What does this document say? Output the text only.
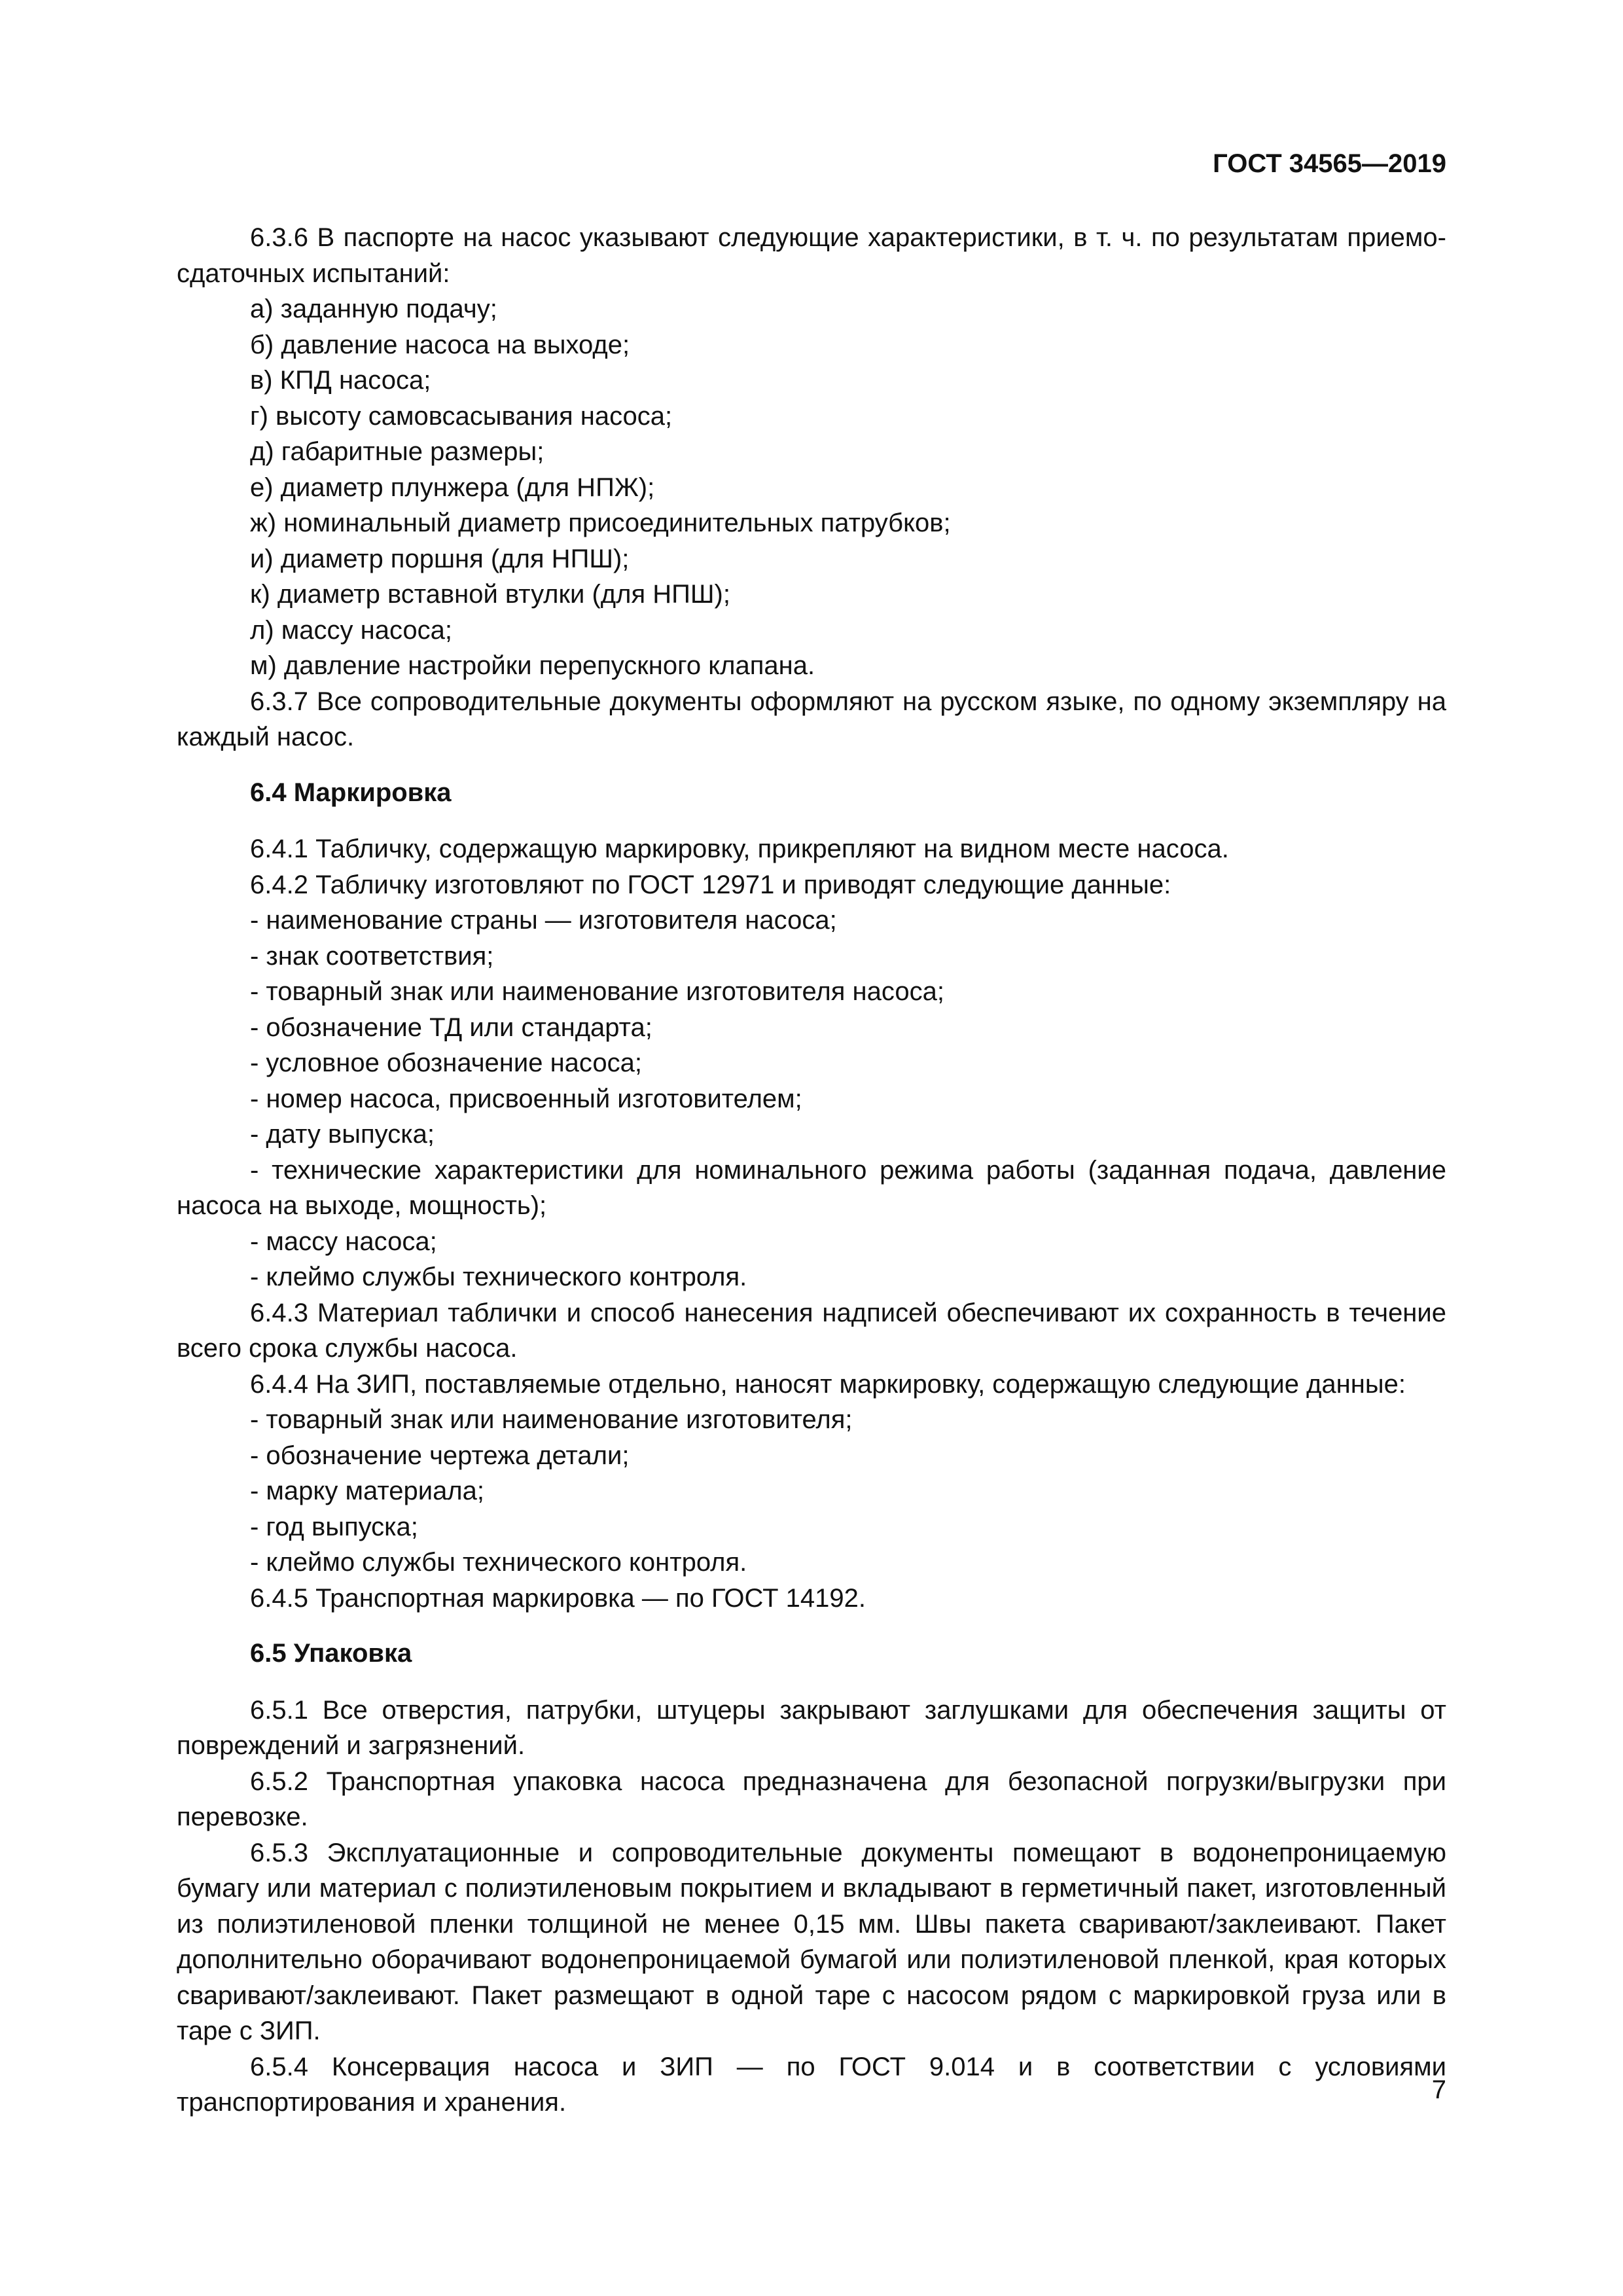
ГОСТ 34565—2019

6.3.6 В паспорте на насос указывают следующие характеристики, в т. ч. по результатам приемо-сдаточных испытаний:

а) заданную подачу;

б) давление насоса на выходе;

в) КПД насоса;

г) высоту самовсасывания насоса;

д) габаритные размеры;

е) диаметр плунжера (для НПЖ);

ж) номинальный диаметр присоединительных патрубков;

и) диаметр поршня (для НПШ);

к) диаметр вставной втулки (для НПШ);

л) массу насоса;

м) давление настройки перепускного клапана.

6.3.7 Все сопроводительные документы оформляют на русском языке, по одному экземпляру на каждый насос.

6.4 Маркировка

6.4.1 Табличку, содержащую маркировку, прикрепляют на видном месте насоса.

6.4.2 Табличку изготовляют по ГОСТ 12971 и приводят следующие данные:

- наименование страны — изготовителя насоса;

- знак соответствия;

- товарный знак или наименование изготовителя насоса;

- обозначение ТД или стандарта;

- условное обозначение насоса;

- номер насоса, присвоенный изготовителем;

- дату выпуска;

- технические характеристики для номинального режима работы (заданная подача, давление насоса на выходе, мощность);

- массу насоса;

- клеймо службы технического контроля.

6.4.3 Материал таблички и способ нанесения надписей обеспечивают их сохранность в течение всего срока службы насоса.

6.4.4 На ЗИП, поставляемые отдельно, наносят маркировку, содержащую следующие данные:

- товарный знак или наименование изготовителя;

- обозначение чертежа детали;

- марку материала;

- год выпуска;

- клеймо службы технического контроля.

6.4.5 Транспортная маркировка — по ГОСТ 14192.

6.5 Упаковка

6.5.1 Все отверстия, патрубки, штуцеры закрывают заглушками для обеспечения защиты от повреждений и загрязнений.

6.5.2 Транспортная упаковка насоса предназначена для безопасной погрузки/выгрузки при перевозке.

6.5.3 Эксплуатационные и сопроводительные документы помещают в водонепроницаемую бумагу или материал с полиэтиленовым покрытием и вкладывают в герметичный пакет, изготовленный из полиэтиленовой пленки толщиной не менее 0,15 мм. Швы пакета сваривают/заклеивают. Пакет дополнительно оборачивают водонепроницаемой бумагой или полиэтиленовой пленкой, края которых сваривают/заклеивают. Пакет размещают в одной таре с насосом рядом с маркировкой груза или в таре с ЗИП.

6.5.4 Консервация насоса и ЗИП — по ГОСТ 9.014 и в соответствии с условиями транспортирования и хранения.	7
